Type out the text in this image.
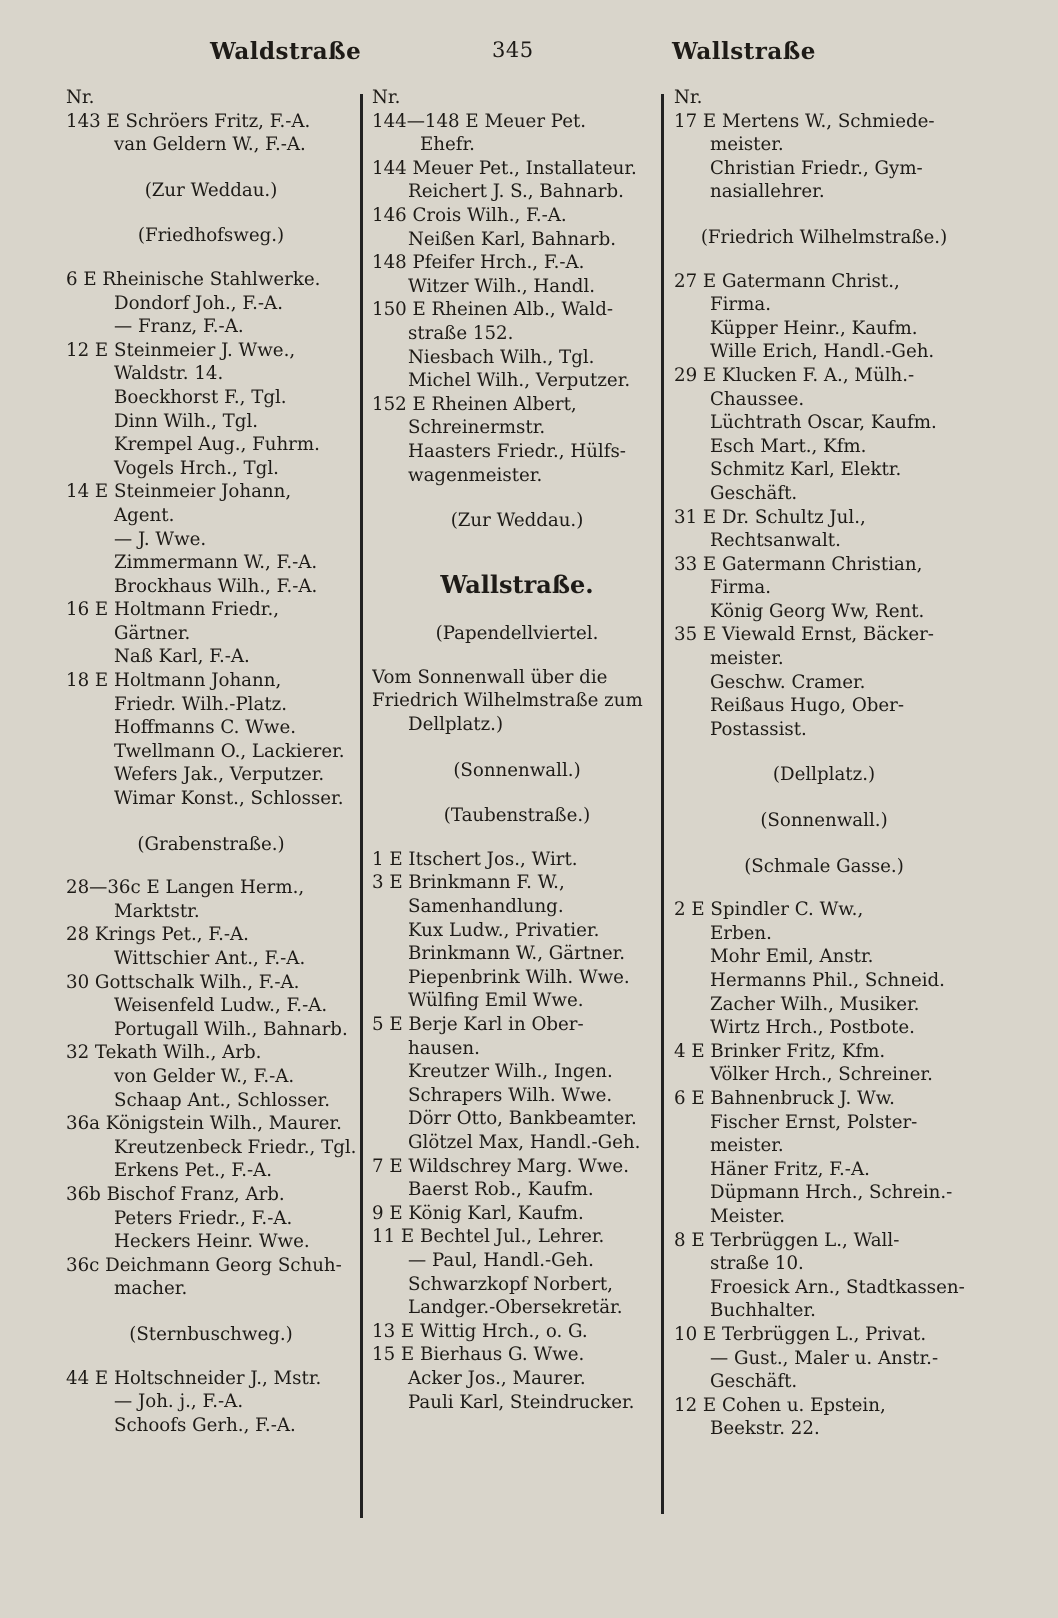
Waldstraße	345	Wallstraße
Nr.
143 E Schröers Fritz, F.-A.
van Geldern W., F.-A.
(Zur Weddau.)
(Friedhofsweg.)
6 E Rheinische Stahlwerke.
Dondorf Joh., F.-A.
— Franz, F.-A.
12 E Steinmeier J. Wwe.,
Waldstr. 14.
Boeckhorst F., Tgl.
Dinn Wilh., Tgl.
Krempel Aug., Fuhrm.
Vogels Hrch., Tgl.
14 E Steinmeier Johann,
Agent.
— J. Wwe.
Zimmermann W., F.-A.
Brockhaus Wilh., F.-A.
16 E Holtmann Friedr.,
Gärtner.
Naß Karl, F.-A.
18 E Holtmann Johann,
Friedr. Wilh.-Platz.
Hoffmanns C. Wwe.
Twellmann O., Lackierer.
Wefers Jak., Verputzer.
Wimar Konst., Schlosser.
(Grabenstraße.)
28—36c E Langen Herm.,
Marktstr.
28 Krings Pet., F.-A.
Wittschier Ant., F.-A.
30 Gottschalk Wilh., F.-A.
Weisenfeld Ludw., F.-A.
Portugall Wilh., Bahnarb.
32 Tekath Wilh., Arb.
von Gelder W., F.-A.
Schaap Ant., Schlosser.
36a Königstein Wilh., Maurer.
Kreutzenbeck Friedr., Tgl.
Erkens Pet., F.-A.
36b Bischof Franz, Arb.
Peters Friedr., F.-A.
Heckers Heinr. Wwe.
36c Deichmann Georg Schuh-
macher.
(Sternbuschweg.)
44 E Holtschneider J., Mstr.
— Joh. j., F.-A.
Schoofs Gerh., F.-A.
Nr.
144—148 E Meuer Pet.
Ehefr.
144 Meuer Pet., Installateur.
Reichert J. S., Bahnarb.
146 Crois Wilh., F.-A.
Neißen Karl, Bahnarb.
148 Pfeifer Hrch., F.-A.
Witzer Wilh., Handl.
150 E Rheinen Alb., Wald-
straße 152.
Niesbach Wilh., Tgl.
Michel Wilh., Verputzer.
152 E Rheinen Albert,
Schreinermstr.
Haasters Friedr., Hülfs-
wagenmeister.
(Zur Weddau.)
Wallstraße.
(Papendellviertel.
Vom Sonnenwall über die
Friedrich Wilhelmstraße zum
Dellplatz.)
(Sonnenwall.)
(Taubenstraße.)
1 E Itschert Jos., Wirt.
3 E Brinkmann F. W.,
Samenhandlung.
Kux Ludw., Privatier.
Brinkmann W., Gärtner.
Piepenbrink Wilh. Wwe.
Wülfing Emil Wwe.
5 E Berje Karl in Ober-
hausen.
Kreutzer Wilh., Ingen.
Schrapers Wilh. Wwe.
Dörr Otto, Bankbeamter.
Glötzel Max, Handl.-Geh.
7 E Wildschrey Marg. Wwe.
Baerst Rob., Kaufm.
9 E König Karl, Kaufm.
11 E Bechtel Jul., Lehrer.
— Paul, Handl.-Geh.
Schwarzkopf Norbert,
Landger.-Obersekretär.
13 E Wittig Hrch., o. G.
15 E Bierhaus G. Wwe.
Acker Jos., Maurer.
Pauli Karl, Steindrucker.
Nr.
17 E Mertens W., Schmiede-
meister.
Christian Friedr., Gym-
nasiallehrer.
(Friedrich Wilhelmstraße.)
27 E Gatermann Christ.,
Firma.
Küpper Heinr., Kaufm.
Wille Erich, Handl.-Geh.
29 E Klucken F. A., Mülh.-
Chaussee.
Lüchtrath Oscar, Kaufm.
Esch Mart., Kfm.
Schmitz Karl, Elektr.
Geschäft.
31 E Dr. Schultz Jul.,
Rechtsanwalt.
33 E Gatermann Christian,
Firma.
König Georg Ww, Rent.
35 E Viewald Ernst, Bäcker-
meister.
Geschw. Cramer.
Reißaus Hugo, Ober-
Postassist.
(Dellplatz.)
(Sonnenwall.)
(Schmale Gasse.)
2 E Spindler C. Ww.,
Erben.
Mohr Emil, Anstr.
Hermanns Phil., Schneid.
Zacher Wilh., Musiker.
Wirtz Hrch., Postbote.
4 E Brinker Fritz, Kfm.
Völker Hrch., Schreiner.
6 E Bahnenbruck J. Ww.
Fischer Ernst, Polster-
meister.
Häner Fritz, F.-A.
Düpmann Hrch., Schrein.-
Meister.
8 E Terbrüggen L., Wall-
straße 10.
Froesick Arn., Stadtkassen-
Buchhalter.
10 E Terbrüggen L., Privat.
— Gust., Maler u. Anstr.-
Geschäft.
12 E Cohen u. Epstein,
Beekstr. 22.
